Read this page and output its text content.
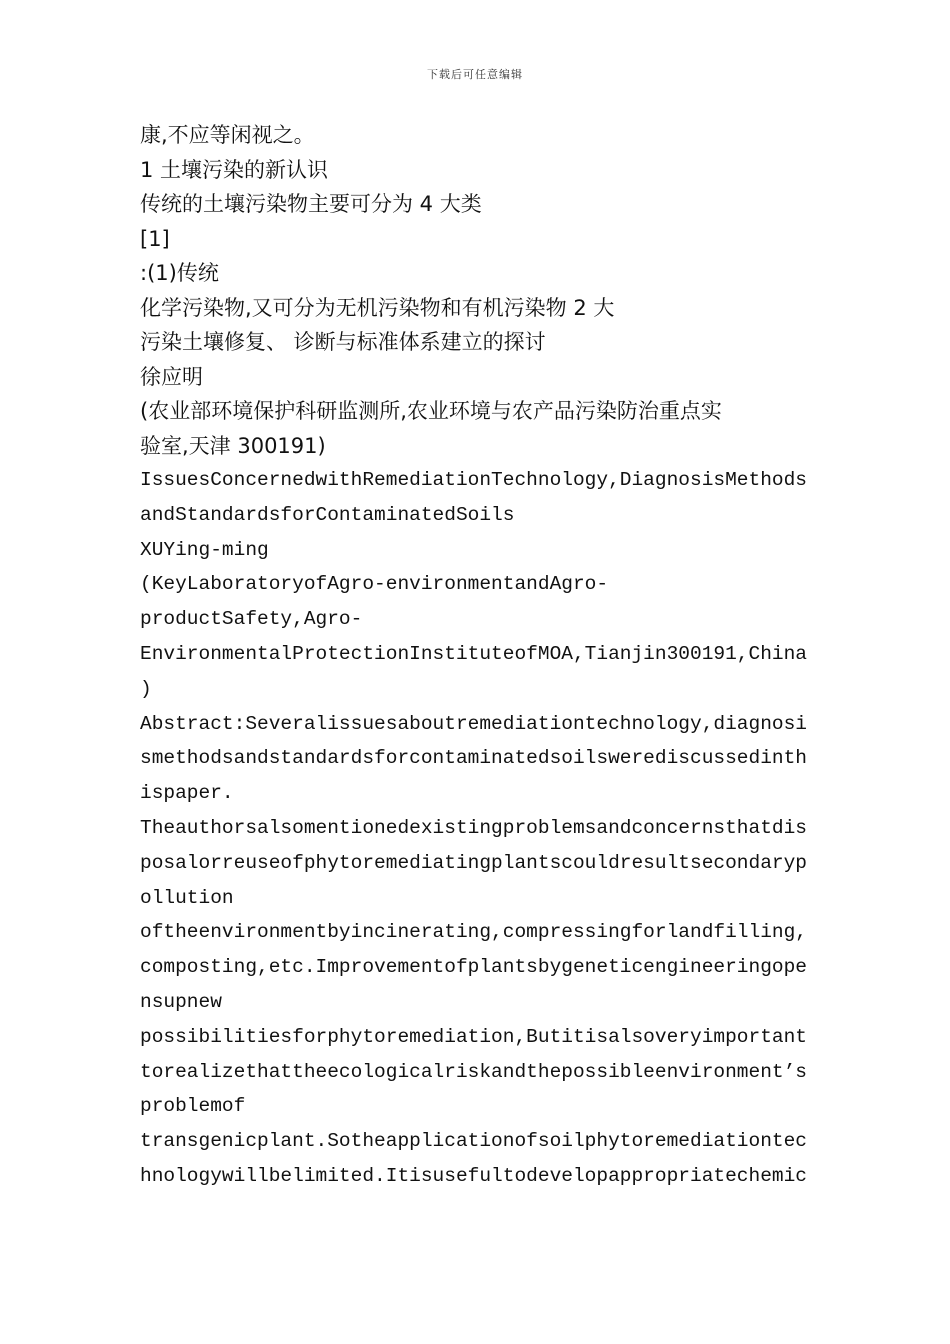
下载后可任意编辑
康,不应等闲视之。
1 土壤污染的新认识
传统的土壤污染物主要可分为 4 大类
[1]
:(1)传统
化学污染物,又可分为无机污染物和有机污染物 2 大
污染土壤修复、 诊断与标准体系建立的探讨
徐应明
(农业部环境保护科研监测所,农业环境与农产品污染防治重点实
验室,天津 300191)
IssuesConcernedwithRemediationTechnology,DiagnosisMethods
andStandardsforContaminatedSoils
XUYing-ming
(KeyLaboratoryofAgro-environmentandAgro-
productSafety,Agro-
EnvironmentalProtectionInstituteofMOA,Tianjin300191,China
)
Abstract:Severalissuesaboutremediationtechnology,diagnosi
smethodsandstandardsforcontaminatedsoilswerediscussedinth
ispaper.
Theauthorsalsomentionedexistingproblemsandconcernsthatdis
posalorreuseofphytoremediatingplantscouldresultsecondaryp
ollution
oftheenvironmentbyincinerating,compressingforlandfilling,
composting,etc.Improvementofplantsbygeneticengineeringope
nsupnew
possibilitiesforphytoremediation,Butitisalsoveryimportant
torealizethattheecologicalriskandthepossibleenvironment’s
problemof
transgenicplant.Sotheapplicationofsoilphytoremediationtec
hnologywillbelimited.Itisusefultodevelopappropriatechemic
